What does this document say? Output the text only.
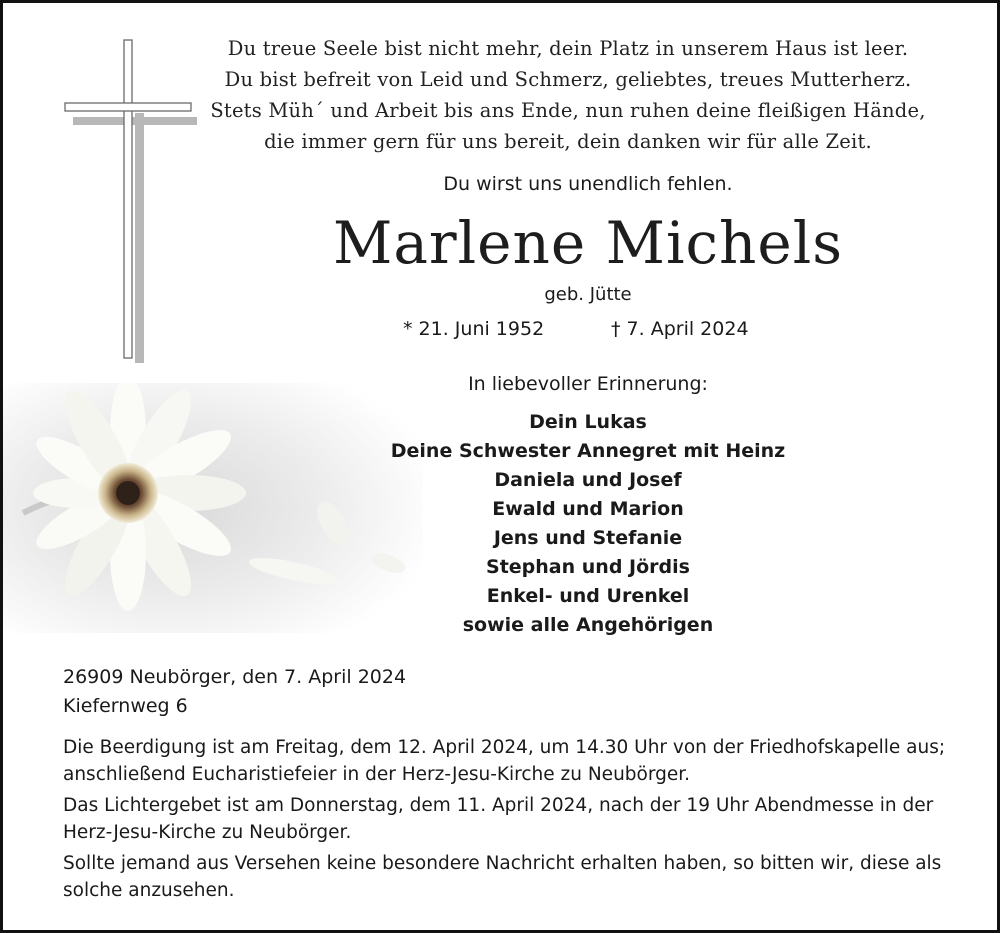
Du treue Seele bist nicht mehr, dein Platz in unserem Haus ist leer.
Du bist befreit von Leid und Schmerz, geliebtes, treues Mutterherz.
Stets Müh´ und Arbeit bis ans Ende, nun ruhen deine fleißigen Hände,
die immer gern für uns bereit, dein danken wir für alle Zeit.
Du wirst uns unendlich fehlen.
Marlene Michels
geb. Jütte
* 21. Juni 1952	† 7. April 2024
In liebevoller Erinnerung:
Dein Lukas
Deine Schwester Annegret mit Heinz
Daniela und Josef
Ewald und Marion
Jens und Stefanie
Stephan und Jördis
Enkel- und Urenkel
sowie alle Angehörigen
26909 Neubörger, den 7. April 2024
Kiefernweg 6
Die Beerdigung ist am Freitag, dem 12. April 2024, um 14.30 Uhr von der Friedhofskapelle aus; anschließend Eucharistiefeier in der Herz-Jesu-Kirche zu Neubörger.
Das Lichtergebet ist am Donnerstag, dem 11. April 2024, nach der 19 Uhr Abendmesse in der Herz-Jesu-Kirche zu Neubörger.
Sollte jemand aus Versehen keine besondere Nachricht erhalten haben, so bitten wir, diese als solche anzusehen.
